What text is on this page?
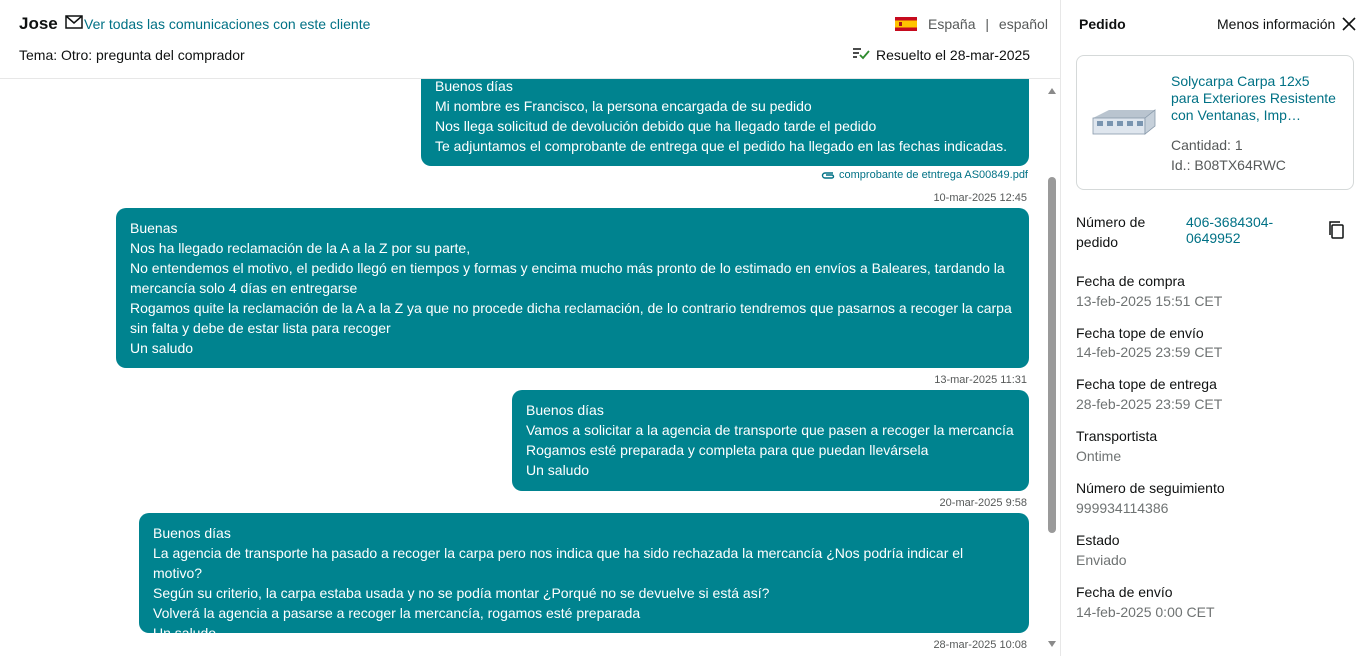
Jose Ver todas las comunicaciones con este cliente	España | español
Tema: Otro: pregunta del comprador	Resuelto el 28-mar-2025
Buenos días
Mi nombre es Francisco, la persona encargada de su pedido
Nos llega solicitud de devolución debido que ha llegado tarde el pedido
Te adjuntamos el comprobante de entrega que el pedido ha llegado en las fechas indicadas.
comprobante de etntrega AS00849.pdf
10-mar-2025 12:45
Buenas
Nos ha llegado reclamación de la A a la Z por su parte,
No entendemos el motivo, el pedido llegó en tiempos y formas y encima mucho más pronto de lo estimado en envíos a Baleares, tardando la mercancía solo 4 días en entregarse
Rogamos quite la reclamación de la A a la Z ya que no procede dicha reclamación, de lo contrario tendremos que pasarnos a recoger la carpa sin falta y debe de estar lista para recoger
Un saludo
13-mar-2025 11:31
Buenos días
Vamos a solicitar a la agencia de transporte que pasen a recoger la mercancía
Rogamos esté preparada y completa para que puedan llevársela
Un saludo
20-mar-2025 9:58
Buenos días
La agencia de transporte ha pasado a recoger la carpa pero nos indica que ha sido rechazada la mercancía ¿Nos podría indicar el motivo?
Según su criterio, la carpa estaba usada y no se podía montar ¿Porqué no se devuelve si está así?
Volverá la agencia a pasarse a recoger la mercancía, rogamos esté preparada
Un saludo
28-mar-2025 10:08
Pedido	Menos información
Solycarpa Carpa 12x5 para Exteriores Resistente con Ventanas, Imp…
Cantidad: 1
Id.: B08TX64RWC
Número de pedido
406-3684304-0649952
Fecha de compra
13-feb-2025 15:51 CET
Fecha tope de envío
14-feb-2025 23:59 CET
Fecha tope de entrega
28-feb-2025 23:59 CET
Transportista
Ontime
Número de seguimiento
999934114386
Estado
Enviado
Fecha de envío
14-feb-2025 0:00 CET
